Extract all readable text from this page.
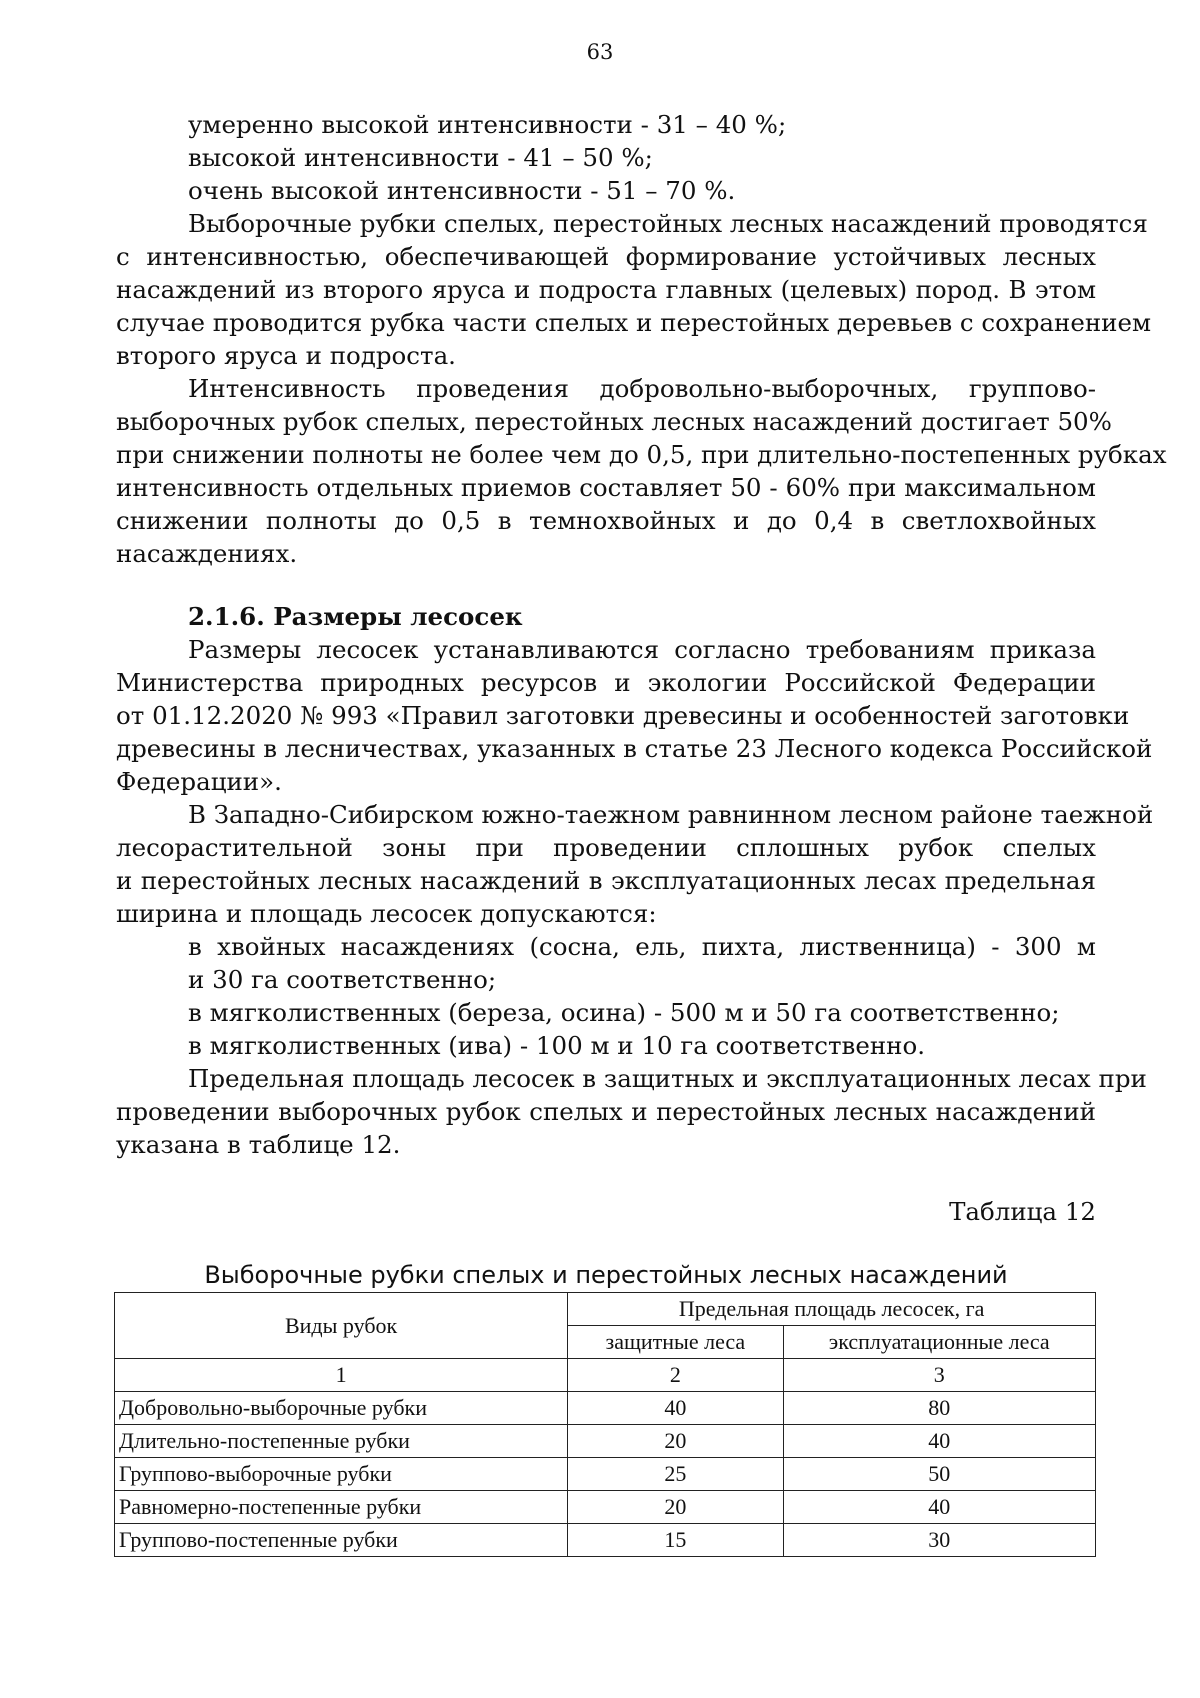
63
умеренно высокой интенсивности - 31 – 40 %;
высокой интенсивности - 41 – 50 %;
очень высокой интенсивности - 51 – 70 %.
Выборочные рубки спелых, перестойных лесных насаждений проводятся
с интенсивностью, обеспечивающей формирование устойчивых лесных
насаждений из второго яруса и подроста главных (целевых) пород. В этом
случае проводится рубка части спелых и перестойных деревьев с сохранением
второго яруса и подроста.
Интенсивность проведения добровольно-выборочных, группово-
выборочных рубок спелых, перестойных лесных насаждений достигает 50%
при снижении полноты не более чем до 0,5, при длительно-постепенных рубках
интенсивность отдельных приемов составляет 50 - 60% при максимальном
снижении полноты до 0,5 в темнохвойных и до 0,4 в светлохвойных
насаждениях.
2.1.6. Размеры лесосек
Размеры лесосек устанавливаются согласно требованиям приказа
Министерства природных ресурсов и экологии Российской Федерации
от 01.12.2020 № 993 «Правил заготовки древесины и особенностей заготовки
древесины в лесничествах, указанных в статье 23 Лесного кодекса Российской
Федерации».
В Западно-Сибирском южно-таежном равнинном лесном районе таежной
лесорастительной зоны при проведении сплошных рубок спелых
и перестойных лесных насаждений в эксплуатационных лесах предельная
ширина и площадь лесосек допускаются:
в хвойных насаждениях (сосна, ель, пихта, лиственница) - 300 м
и 30 га соответственно;
в мягколиственных (береза, осина) - 500 м и 50 га соответственно;
в мягколиственных (ива) - 100 м и 10 га соответственно.
Предельная площадь лесосек в защитных и эксплуатационных лесах при
проведении выборочных рубок спелых и перестойных лесных насаждений
указана в таблице 12.
Таблица 12
Выборочные рубки спелых и перестойных лесных насаждений
Виды рубок	Предельная площадь лесосек, га	
	защитные леса	эксплуатационные леса
1	2	3
Добровольно-выборочные рубки	40	80
Длительно-постепенные рубки	20	40
Группово-выборочные рубки	25	50
Равномерно-постепенные рубки	20	40
Группово-постепенные рубки	15	30
